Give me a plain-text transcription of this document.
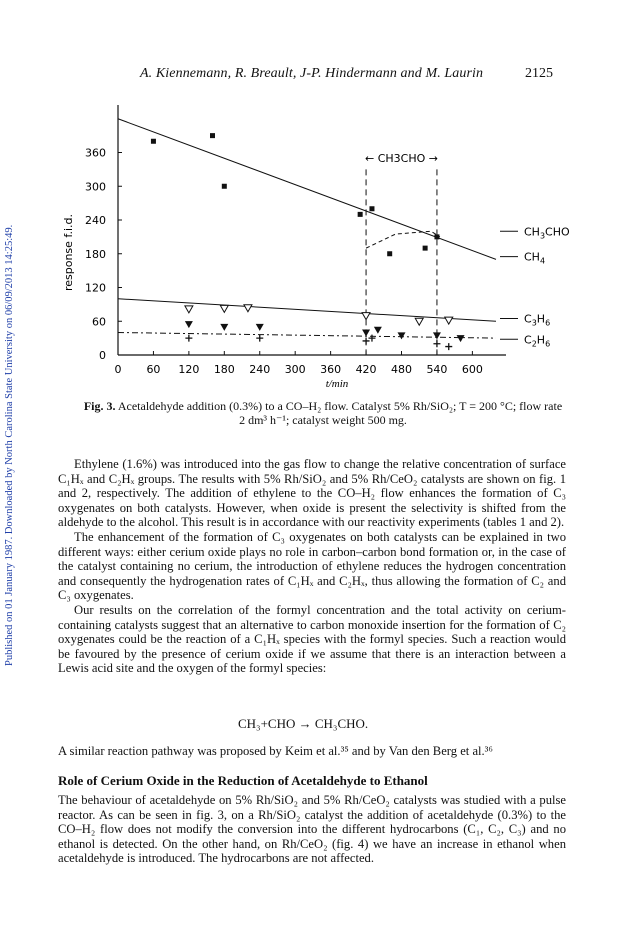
Published on 01 January 1987. Downloaded by North Carolina State University on 06/09/2013 14:25:49.
A. Kiennemann, R. Breault, J-P. Hindermann and M. Laurin	2125
0 60 120 180 240 300 360 420 480 540 600
0
60
120
180
240
300
360
t/min
response f.i.d.
← CH3CHO →
$CH_3CHO$
$CH_4$
$C_3H_6$
$C_2H_6$
Fig. 3. Acetaldehyde addition (0.3%) to a CO–H₂ flow. Catalyst 5% Rh/SiO₂; T = 200 °C; flow rate 2 dm³ h⁻¹; catalyst weight 500 mg.

Ethylene (1.6%) was introduced into the gas flow to change the relative concentration of surface C₁Hₓ and C₂Hₓ groups. The results with 5% Rh/SiO₂ and 5% Rh/CeO₂ catalysts are shown on fig. 1 and 2, respectively. The addition of ethylene to the CO–H₂ flow enhances the formation of C₃ oxygenates on both catalysts. However, when oxide is present the selectivity is shifted from the aldehyde to the alcohol. This result is in accordance with our reactivity experiments (tables 1 and 2).

The enhancement of the formation of C₃ oxygenates on both catalysts can be explained in two different ways: either cerium oxide plays no role in carbon–carbon bond formation or, in the case of the catalyst containing no cerium, the introduction of ethylene reduces the hydrogen concentration and consequently the hydrogenation rates of C₁Hₓ and C₂Hₓ, thus allowing the formation of C₂ and C₃ oxygenates.

Our results on the correlation of the formyl concentration and the total activity on cerium-containing catalysts suggest that an alternative to carbon monoxide insertion for the formation of C₂ oxygenates could be the reaction of a C₁Hₓ species with the formyl species. Such a reaction would be favoured by the presence of cerium oxide if we assume that there is an interaction between a Lewis acid site and the oxygen of the formyl species:

CH₃+CHO → CH₃CHO.

A similar reaction pathway was proposed by Keim et al.³⁵ and by Van den Berg et al.³⁶

Role of Cerium Oxide in the Reduction of Acetaldehyde to Ethanol

The behaviour of acetaldehyde on 5% Rh/SiO₂ and 5% Rh/CeO₂ catalysts was studied with a pulse reactor. As can be seen in fig. 3, on a Rh/SiO₂ catalyst the addition of acetaldehyde (0.3%) to the CO–H₂ flow does not modify the conversion into the different hydrocarbons (C₁, C₂, C₃) and no ethanol is detected. On the other hand, on Rh/CeO₂ (fig. 4) we have an increase in ethanol when acetaldehyde is introduced. The hydrocarbons are not affected.
